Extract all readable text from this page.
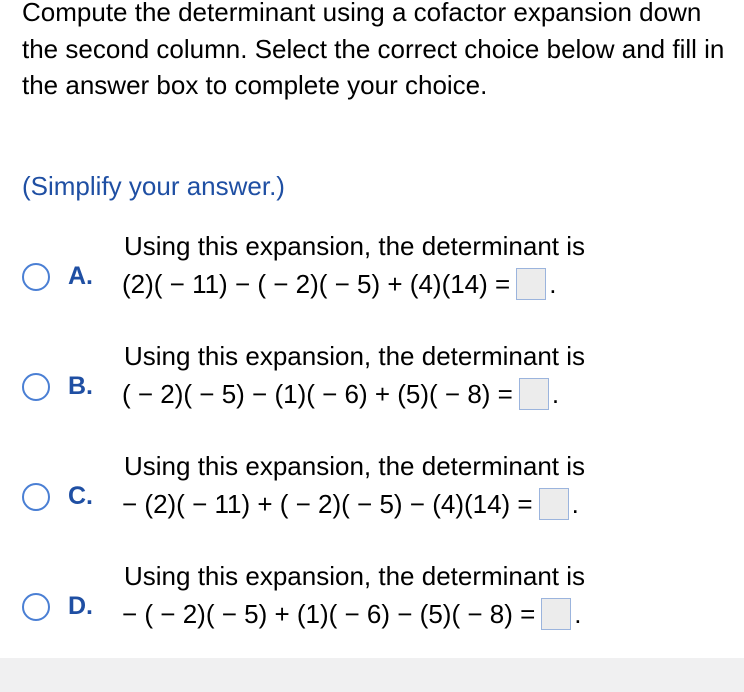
Compute the determinant using a cofactor expansion down the second column. Select the correct choice below and fill in the answer box to complete your choice.

(Simplify your answer.)

A.
Using this expansion, the determinant is
(2)( − 11) − ( − 2)( − 5) + (4)(14) = .
B.
Using this expansion, the determinant is
( − 2)( − 5) − (1)( − 6) + (5)( − 8) = .
C.
Using this expansion, the determinant is
− (2)( − 11) + ( − 2)( − 5) − (4)(14) = .
D.
Using this expansion, the determinant is
− ( − 2)( − 5) + (1)( − 6) − (5)( − 8) = .
